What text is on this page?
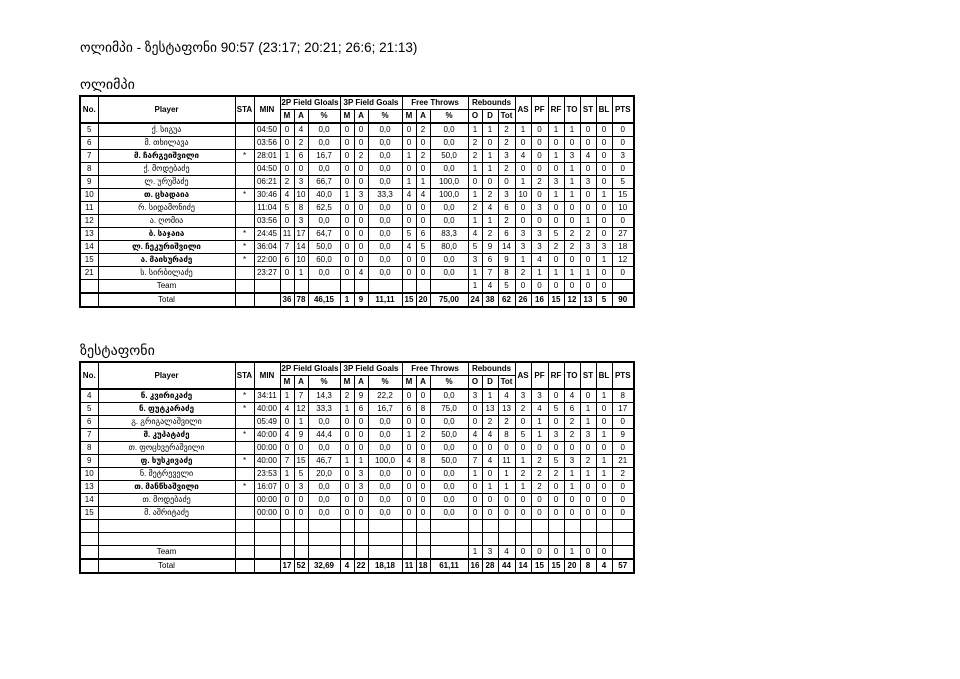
ოლიმპი - ზესტაფონი 90:57 (23:17; 20:21; 26:6; 21:13)
ოლიმპი
No.	Player	STA	MIN	2P Field Gloals			3P Field Goals			Free Throws			Rebounds			AS	PF	RF	TO	ST	BL	PTS
				M	A	%	M	A	%	M	A	%	O	D	Tot							
5	ქ. სიგუა		04:50	0	4	0,0	0	0	0,0	0	2	0,0	1	1	2	1	0	1	1	0	0	0
6	მ. თხილავა		03:56	0	2	0,0	0	0	0,0	0	0	0,0	2	0	2	0	0	0	0	0	0	0
7	მ. ჩარგეიშვილი	*	28:01	1	6	16,7	0	2	0,0	1	2	50,0	2	1	3	4	0	1	3	4	0	3
8	ქ. მოდებაძე		04:50	0	0	0,0	0	0	0,0	0	0	0,0	1	1	2	0	0	0	1	0	0	0
9	ლ. ურუშაძე		06:21	2	3	66,7	0	0	0,0	1	1	100,0	0	0	0	1	2	3	1	3	0	5
10	თ. ცხადაია	*	30:46	4	10	40,0	1	3	33,3	4	4	100,0	1	2	3	10	0	1	1	0	1	15
11	რ. სიდამონიძე		11:04	5	8	62,5	0	0	0,0	0	0	0,0	2	4	6	0	3	0	0	0	0	10
12	ა. ღომია		03:56	0	3	0,0	0	0	0,0	0	0	0,0	1	1	2	0	0	0	0	1	0	0
13	ბ. საჯაია	*	24:45	11	17	64,7	0	0	0,0	5	6	83,3	4	2	6	3	3	5	2	2	0	27
14	ლ. ჩეკურიშვილი	*	36:04	7	14	50,0	0	0	0,0	4	5	80,0	5	9	14	3	3	2	2	3	3	18
15	ა. მაისურაძე	*	22:00	6	10	60,0	0	0	0,0	0	0	0,0	3	6	9	1	4	0	0	0	1	12
21	ს. სირბილაძე		23:27	0	1	0,0	0	4	0,0	0	0	0,0	1	7	8	2	1	1	1	1	0	0
	Team												1	4	5	0	0	0	0	0	0	
	Total			36	78	46,15	1	9	11,11	15	20	75,00	24	38	62	26	16	15	12	13	5	90
ზესტაფონი
No.	Player	STA	MIN	2P Field Gloals			3P Field Goals			Free Throws			Rebounds			AS	PF	RF	TO	ST	BL	PTS
				M	A	%	M	A	%	M	A	%	O	D	Tot							
4	ნ. კვირიკაძე	*	34:11	1	7	14,3	2	9	22,2	0	0	0,0	3	1	4	3	3	0	4	0	1	8
5	ნ. ფუტკარაძე	*	40:00	4	12	33,3	1	6	16,7	6	8	75,0	0	13	13	2	4	5	6	1	0	17
6	გ. გრიგალაშვილი		05:49	0	1	0,0	0	0	0,0	0	0	0,0	0	2	2	0	1	0	2	1	0	0
7	მ. კუპატაძე	*	40:00	4	9	44,4	0	0	0,0	1	2	50,0	4	4	8	5	1	3	2	3	1	9
8	თ. ფოცხვერაშვილი		00:00	0	0	0,0	0	0	0,0	0	0	0,0	0	0	0	0	0	0	0	0	0	0
9	ფ. ხუსკივაძე	*	40:00	7	15	46,7	1	1	100,0	4	8	50,0	7	4	11	1	2	5	3	2	1	21
10	ნ. მეტრეველი		23:53	1	5	20,0	0	3	0,0	0	0	0,0	1	0	1	2	2	2	1	1	1	2
13	თ. მანწხაშვილი	*	16:07	0	3	0,0	0	3	0,0	0	0	0,0	0	1	1	1	2	0	1	0	0	0
14	თ. მოდებაძე		00:00	0	0	0,0	0	0	0,0	0	0	0,0	0	0	0	0	0	0	0	0	0	0
15	მ. აშრიტაძე		00:00	0	0	0,0	0	0	0,0	0	0	0,0	0	0	0	0	0	0	0	0	0	0

	Team												1	3	4	0	0	0	1	0	0	
	Total			17	52	32,69	4	22	18,18	11	18	61,11	16	28	44	14	15	15	20	8	4	57
